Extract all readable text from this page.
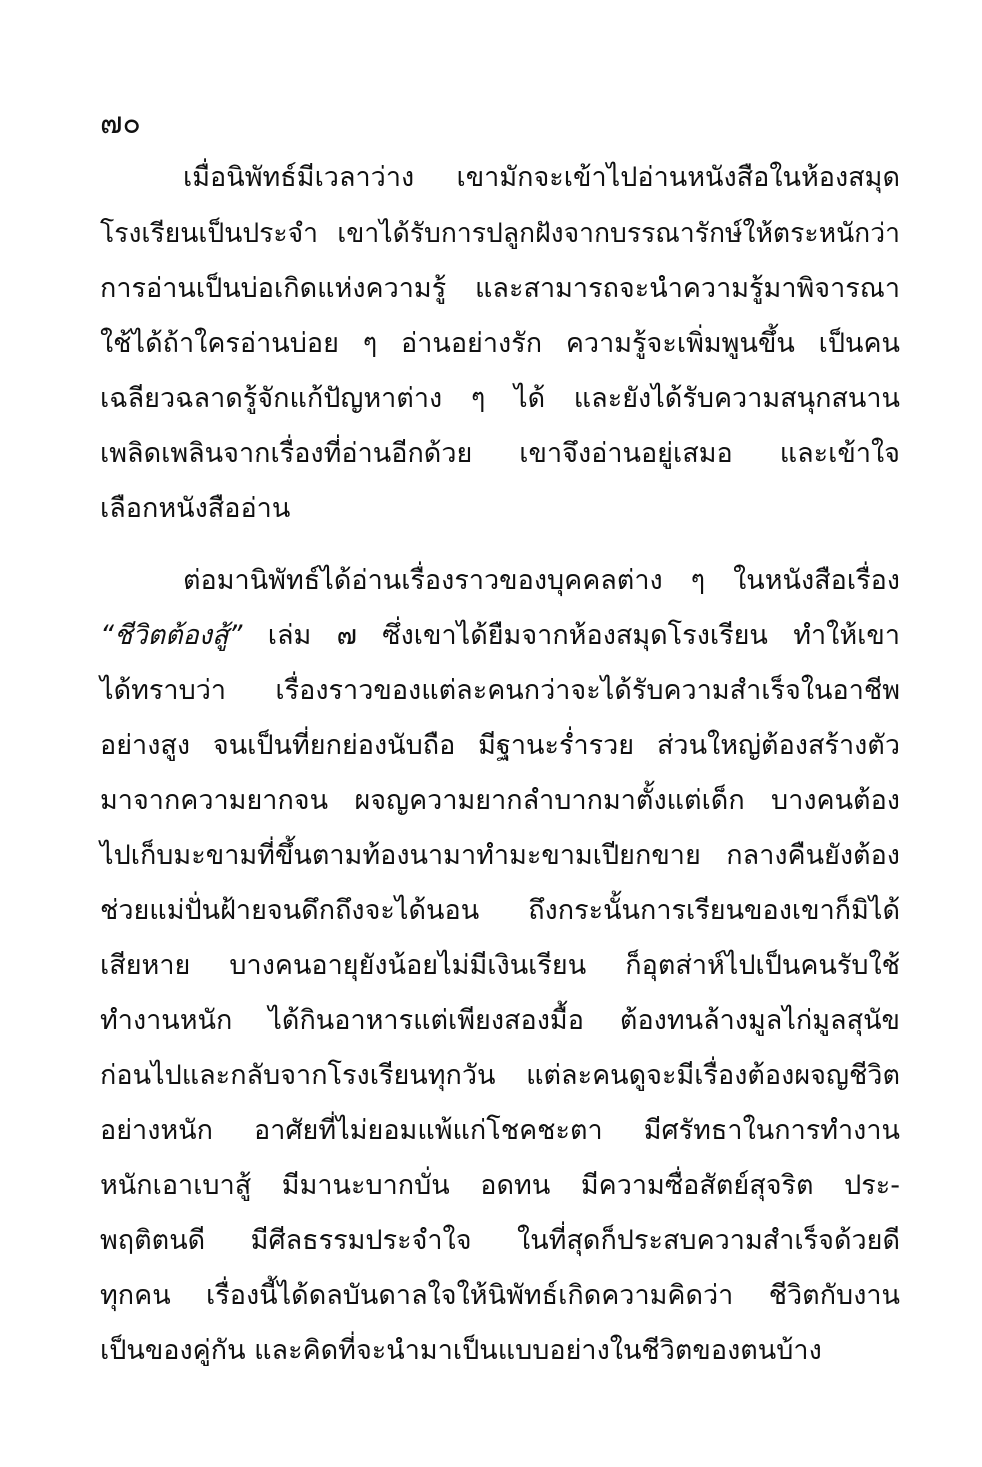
๗๐

เมื่อนิพัทธ์มีเวลาว่าง เขามักจะเข้าไปอ่านหนังสือในห้องสมุด

โรงเรียนเป็นประจำ เขาได้รับการปลูกฝังจากบรรณารักษ์ให้ตระหนักว่า

การอ่านเป็นบ่อเกิดแห่งความรู้ และสามารถจะนำความรู้มาพิจารณา

ใช้ได้ถ้าใครอ่านบ่อย ๆ อ่านอย่างรัก ความรู้จะเพิ่มพูนขึ้น เป็นคน

เฉลียวฉลาดรู้จักแก้ปัญหาต่าง ๆ ได้ และยังได้รับความสนุกสนาน

เพลิดเพลินจากเรื่องที่อ่านอีกด้วย เขาจึงอ่านอยู่เสมอ และเข้าใจ

เลือกหนังสืออ่าน

ต่อมานิพัทธ์ได้อ่านเรื่องราวของบุคคลต่าง ๆ ในหนังสือเรื่อง

“ชีวิตต้องสู้” เล่ม ๗ ซึ่งเขาได้ยืมจากห้องสมุดโรงเรียน ทำให้เขา

ได้ทราบว่า เรื่องราวของแต่ละคนกว่าจะได้รับความสำเร็จในอาชีพ

อย่างสูง จนเป็นที่ยกย่องนับถือ มีฐานะร่ำรวย ส่วนใหญ่ต้องสร้างตัว

มาจากความยากจน ผจญความยากลำบากมาตั้งแต่เด็ก บางคนต้อง

ไปเก็บมะขามที่ขึ้นตามท้องนามาทำมะขามเปียกขาย กลางคืนยังต้อง

ช่วยแม่ปั่นฝ้ายจนดึกถึงจะได้นอน ถึงกระนั้นการเรียนของเขาก็มิได้

เสียหาย บางคนอายุยังน้อยไม่มีเงินเรียน ก็อุตส่าห์ไปเป็นคนรับใช้

ทำงานหนัก ได้กินอาหารแต่เพียงสองมื้อ ต้องทนล้างมูลไก่มูลสุนัข

ก่อนไปและกลับจากโรงเรียนทุกวัน แต่ละคนดูจะมีเรื่องต้องผจญชีวิต

อย่างหนัก อาศัยที่ไม่ยอมแพ้แก่โชคชะตา มีศรัทธาในการทำงาน

หนักเอาเบาสู้ มีมานะบากบั่น อดทน มีความซื่อสัตย์สุจริต ประ-

พฤติตนดี มีศีลธรรมประจำใจ ในที่สุดก็ประสบความสำเร็จด้วยดี

ทุกคน เรื่องนี้ได้ดลบันดาลใจให้นิพัทธ์เกิดความคิดว่า ชีวิตกับงาน

เป็นของคู่กัน และคิดที่จะนำมาเป็นแบบอย่างในชีวิตของตนบ้าง
